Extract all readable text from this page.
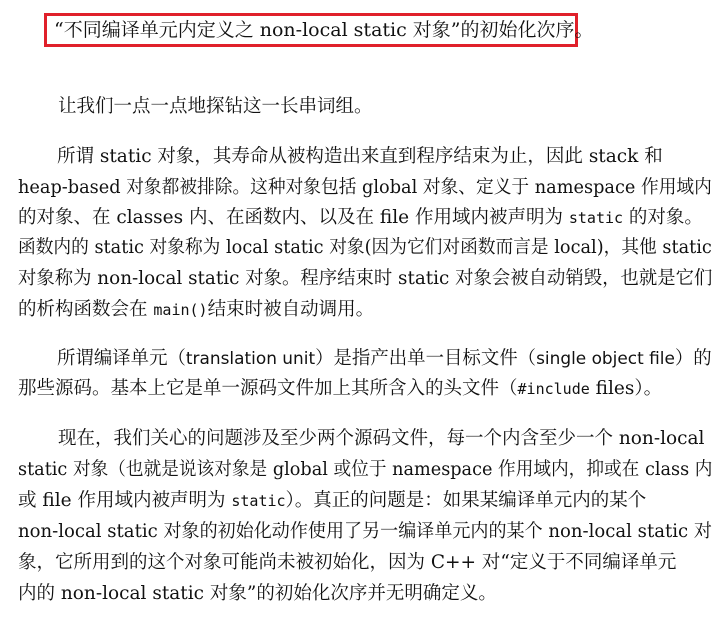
“不同编译单元内定义之 non-local static 对象”的初始化次序。
让我们一点一点地探钻这一长串词组。
所谓 static 对象，其寿命从被构造出来直到程序结束为止，因此 stack 和
heap-based 对象都被排除。这种对象包括 global 对象、定义于 namespace 作用域内
的对象、在 classes 内、在函数内、以及在 file 作用域内被声明为 static 的对象。
函数内的 static 对象称为 local static 对象(因为它们对函数而言是 local)，其他 static
对象称为 non-local static 对象。程序结束时 static 对象会被自动销毁，也就是它们
的析构函数会在 main()结束时被自动调用。
所谓编译单元（translation unit）是指产出单一目标文件（single object file）的
那些源码。基本上它是单一源码文件加上其所含入的头文件（#include files）。
现在，我们关心的问题涉及至少两个源码文件，每一个内含至少一个 non-local
static 对象（也就是说该对象是 global 或位于 namespace 作用域内，抑或在 class 内
或 file 作用域内被声明为 static）。真正的问题是：如果某编译单元内的某个
non-local static 对象的初始化动作使用了另一编译单元内的某个 non-local static 对
象，它所用到的这个对象可能尚未被初始化，因为 C++ 对“定义于不同编译单元
内的 non-local static 对象”的初始化次序并无明确定义。
